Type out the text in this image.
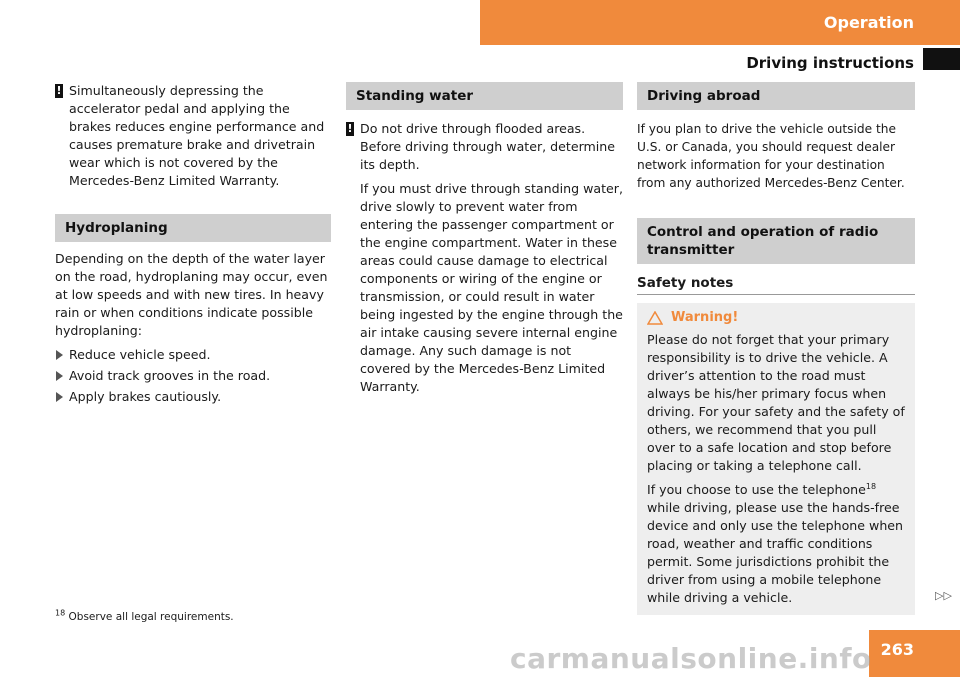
Operation
Driving instructions
! Simultaneously depressing the accelerator pedal and applying the brakes reduces engine performance and causes premature brake and drivetrain wear which is not covered by the Mercedes-Benz Limited Warranty.
Hydroplaning
Depending on the depth of the water layer on the road, hydroplaning may occur, even at low speeds and with new tires. In heavy rain or when conditions indicate possible hydroplaning:
Reduce vehicle speed.
Avoid track grooves in the road.
Apply brakes cautiously.
Standing water
! Do not drive through flooded areas. Before driving through water, determine its depth.
If you must drive through standing water, drive slowly to prevent water from entering the passenger compartment or the engine compartment. Water in these areas could cause damage to electrical components or wiring of the engine or transmission, or could result in water being ingested by the engine through the air intake causing severe internal engine damage. Any such damage is not covered by the Mercedes-Benz Limited Warranty.
Driving abroad
If you plan to drive the vehicle outside the U.S. or Canada, you should request dealer network information for your destination from any authorized Mercedes-Benz Center.
Control and operation of radio transmitter
Safety notes
Warning!
Please do not forget that your primary responsibility is to drive the vehicle. A driver’s attention to the road must always be his/her primary focus when driving. For your safety and the safety of others, we recommend that you pull over to a safe location and stop before placing or taking a telephone call.
If you choose to use the telephone$^{18}$ while driving, please use the hands-free device and only use the telephone when road, weather and traffic conditions permit. Some jurisdictions prohibit the driver from using a mobile telephone while driving a vehicle.
$^{18}$ Observe all legal requirements.
▷▷
263
carmanualsonline.info
